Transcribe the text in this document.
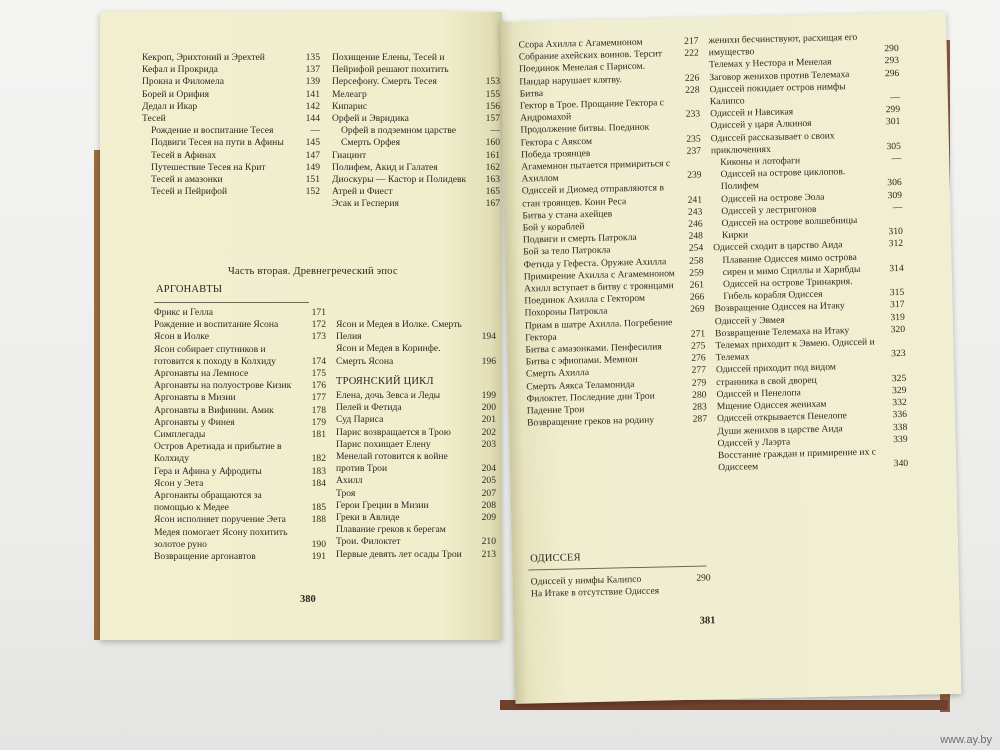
Кекроп, Эрихтоний и Эрехтей	135
Кефал и Прокрида	137
Прокна и Филомела	139
Борей и Орифия	141
Дедал и Икар	142
Тесей	144
Рождение и воспитание Тесея	—
Подвиги Тесея на пути в Афины	145
Тесей в Афинах	147
Путешествие Тесея на Крит	149
Тесей и амазонки	151
Тесей и Пейрифой	152
Похищение Елены, Тесей и Пейрифой решают похитить Персефону. Смерть Тесея	153
Мелеагр	155
Кипарис	156
Орфей и Эвридика	157
Орфей в подземном царстве	—
Смерть Орфея	160
Гиацинт	161
Полифем, Акид и Галатея	162
Диоскуры — Кастор и Полидевк	163
Атрей и Фиест	165
Эсак и Гесперия	167
Часть вторая. Древнегреческий эпос
АРГОНАВТЫ
Фрикс и Гелла	171
Рождение и воспитание Ясона	172
Ясон в Иолке	173
Ясон собирает спутников и готовится к походу в Колхиду	174
Аргонавты на Лемносе	175
Аргонавты на полуострове Кизик	176
Аргонавты в Мизии	177
Аргонавты в Вифинии. Амик	178
Аргонавты у Финея	179
Симплегады	181
Остров Аретиада и прибытие в Колхиду	182
Гера и Афина у Афродиты	183
Ясон у Эета	184
Аргонавты обращаются за помощью к Медее	185
Ясон исполняет поручение Эета	188
Медея помогает Ясону похитить золотое руно	190
Возвращение аргонавтов	191
Ясон и Медея в Иолке. Смерть Пелия	194
Ясон и Медея в Коринфе. Смерть Ясона	196
ТРОЯНСКИЙ ЦИКЛ
Елена, дочь Зевса и Леды	199
Пелей и Фетида	200
Суд Париса	201
Парис возвращается в Трою	202
Парис похищает Елену	203
Менелай готовится к войне против Трои	204
Ахилл	205
Троя	207
Герои Греции в Мизии	208
Греки в Авлиде	209
Плавание греков к берегам Трои. Филоктет	210
Первые девять лет осады Трои	213
380
Ссора Ахилла с Агамемноном	217
Собрание ахейских воинов. Терсит	222
Поединок Менелая с Парисом. Пандар нарушает клятву.	226
Битва	228
Гектор в Трое. Прощание Гектора с Андромахой	233
Продолжение битвы. Поединок Гектора с Аяксом	235
Победа троянцев	237
Агамемнон пытается примириться с Ахиллом	239
Одиссей и Диомед отправляются в стан троянцев. Конн Реса	241
Битва у стана ахейцев	243
Бой у кораблей	246
Подвиги и смерть Патрокла	248
Бой за тело Патрокла	254
Фетида у Гефеста. Оружие Ахилла	258
Примирение Ахилла с Агамемноном	259
Ахилл вступает в битву с троянцами	261
Поединок Ахилла с Гектором	266
Похороны Патрокла	269
Приам в шатре Ахилла. Погребение Гектора	271
Битва с амазонками. Пенфесилия	275
Битва с эфиопами. Мемнон	276
Смерть Ахилла	277
Смерть Аякса Теламонида	279
Филоктет. Последние дни Трои	280
Падение Трои	283
Возвращение греков на родину	287
ОДИССЕЯ
Одиссей у нимфы Калипсо	290
На Итаке в отсутствие Одиссея
женихи бесчинствуют, расхищая его имущество	290
Телемах у Нестора и Менелая	293
Заговор женихов против Телемаха	296
Одиссей покидает остров нимфы Калипсо	—
Одиссей и Навсикая	299
Одиссей у царя Алкиноя	301
Одиссей рассказывает о своих приключениях	305
Киконы и лотофаги	—
Одиссей на острове циклопов. Полифем	306
Одиссей на острове Эола	309
Одиссей у лестригонов	—
Одиссей на острове волшебницы Кирки	310
Одиссей сходит в царство Аида	312
Плавание Одиссея мимо острова сирен и мимо Сциллы и Харибды	314
Одиссей на острове Тринакрия. Гибель корабля Одиссея	315
Возвращение Одиссея на Итаку	317
Одиссей у Эвмея	319
Возвращение Телемаха на Итаку	320
Телемах приходит к Эвмею. Одиссей и Телемах	323
Одиссей приходит под видом странника в свой дворец	325
Одиссей и Пенелопа	329
Мщение Одиссея женихам	332
Одиссей открывается Пенелопе	336
Души женихов в царстве Аида	338
Одиссей у Лаэрта	339
Восстание граждан и примирение их с Одиссеем	340
381
www.ay.by
